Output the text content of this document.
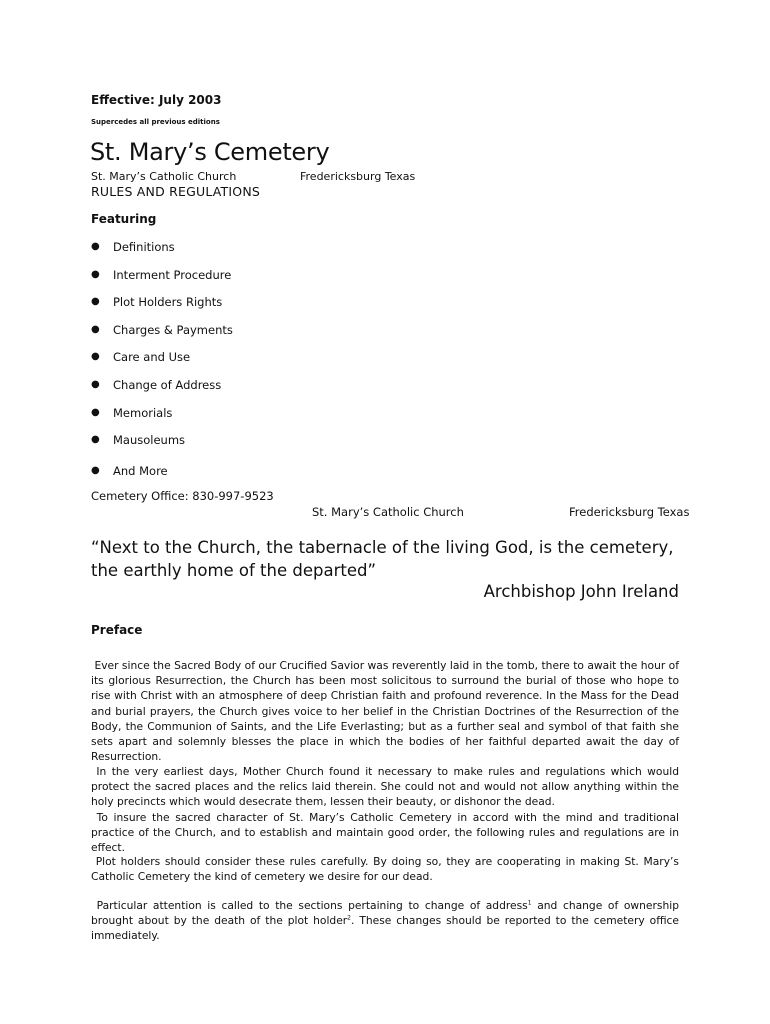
Effective: July 2003
Supercedes all previous editions
St. Mary’s Cemetery
St. Mary’s Catholic Church	Fredericksburg Texas
RULES AND REGULATIONS
Featuring
● Definitions
● Interment Procedure
● Plot Holders Rights
● Charges & Payments
● Care and Use
● Change of Address
● Memorials
● Mausoleums
● And More
Cemetery Office: 830-997-9523
St. Mary’s Catholic Church	Fredericksburg Texas
“Next to the Church, the tabernacle of the living God, is the cemetery, the earthly home of the departed”
Archbishop John Ireland
Preface
Ever since the Sacred Body of our Crucified Savior was reverently laid in the tomb, there to await the hour of its glorious Resurrection, the Church has been most solicitous to surround the burial of those who hope to rise with Christ with an atmosphere of deep Christian faith and profound reverence. In the Mass for the Dead and burial prayers, the Church gives voice to her belief in the Christian Doctrines of the Resurrection of the Body, the Communion of Saints, and the Life Everlasting; but as a further seal and symbol of that faith she sets apart and solemnly blesses the place in which the bodies of her faithful departed await the day of Resurrection.
In the very earliest days, Mother Church found it necessary to make rules and regulations which would protect the sacred places and the relics laid therein. She could not and would not allow anything within the holy precincts which would desecrate them, lessen their beauty, or dishonor the dead.
To insure the sacred character of St. Mary’s Catholic Cemetery in accord with the mind and traditional practice of the Church, and to establish and maintain good order, the following rules and regulations are in effect.
Plot holders should consider these rules carefully. By doing so, they are cooperating in making St. Mary’s Catholic Cemetery the kind of cemetery we desire for our dead.
Particular attention is called to the sections pertaining to change of address$^1$ and change of ownership brought about by the death of the plot holder$^2$. These changes should be reported to the cemetery office immediately.
